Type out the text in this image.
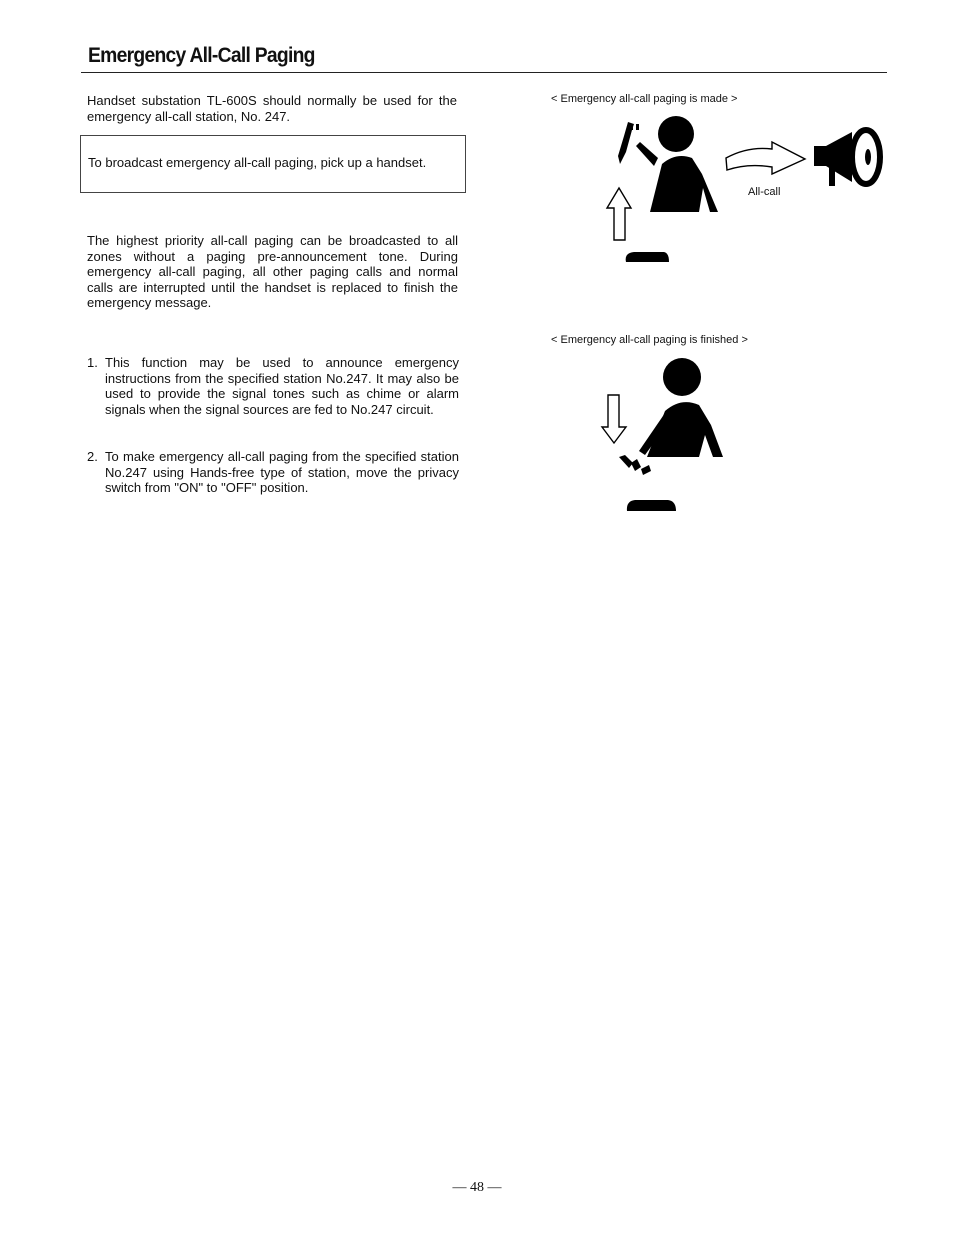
Emergency All-Call Paging
Handset substation TL-600S should normally be used for the emergency all-call station, No. 247.
To broadcast emergency all-call paging, pick up a handset.
The highest priority all-call paging can be broadcasted to all zones without a paging pre-announcement tone. During emergency all-call paging, all other paging calls and normal calls are interrupted until the handset is replaced to finish the emergency message.
1. This function may be used to announce emergency instructions from the specified station No.247. It may also be used to provide the signal tones such as chime or alarm signals when the signal sources are fed to No.247 circuit.
2. To make emergency all-call paging from the specified station No.247 using Hands-free type of station, move the privacy switch from "ON" to "OFF" position.
< Emergency all-call paging is made >
All-call
< Emergency all-call paging is finished >
— 48 —
